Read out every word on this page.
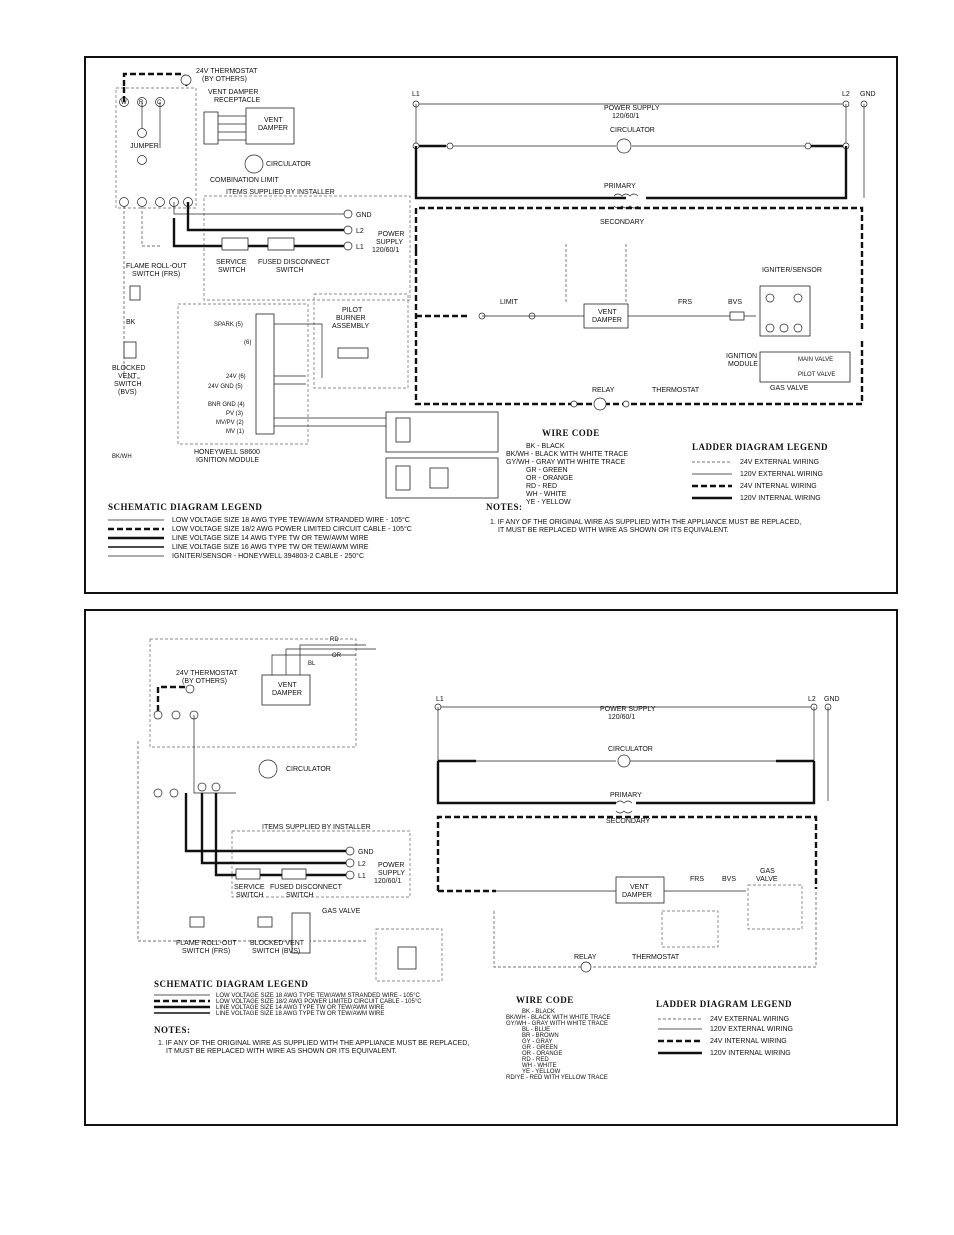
24V THERMOSTAT
(BY OTHERS)
W R C
JUMPER
VENT DAMPER RECEPTACLE
VENT DAMPER
CIRCULATOR
COMBINATION LIMIT
ITEMS SUPPLIED BY INSTALLER
GND
L2
L1
POWER SUPPLY 120/60/1
SERVICE SWITCH
FUSED DISCONNECT SWITCH
FLAME ROLL-OUT SWITCH (FRS)
BK
BLOCKED VENT SWITCH (BVS)
BK/WH
SPARK (5)
(6)
24V (6)
24V GND (5)
BNR GND (4)
PV (3)
MV/PV (2)
MV (1)
HONEYWELL S8600 IGNITION MODULE
PILOT BURNER ASSEMBLY
SCHEMATIC DIAGRAM LEGEND
LOW VOLTAGE SIZE 18 AWG TYPE TEW/AWM STRANDED WIRE - 105°C
LOW VOLTAGE SIZE 18/2 AWG POWER LIMITED CIRCUIT CABLE - 105°C
LINE VOLTAGE SIZE 14 AWG TYPE TW OR TEW/AWM WIRE
LINE VOLTAGE SIZE 16 AWG TYPE TW OR TEW/AWM WIRE
IGNITER/SENSOR - HONEYWELL 394803-2 CABLE - 250°C
L1	L2 GND
POWER SUPPLY 120/60/1
CIRCULATOR
PRIMARY
SECONDARY
LIMIT
VENT DAMPER
FRS	BVS
IGNITER/SENSOR
IGNITION MODULE
MAIN VALVE
PILOT VALVE
GAS VALVE
RELAY	THERMOSTAT
WIRE CODE
BK - BLACK
BK/WH - BLACK WITH WHITE TRACE
GY/WH - GRAY WITH WHITE TRACE
GR - GREEN
OR - ORANGE
RD - RED
WH - WHITE
YE - YELLOW
LADDER DIAGRAM LEGEND
24V EXTERNAL WIRING
120V EXTERNAL WIRING
24V INTERNAL WIRING
120V INTERNAL WIRING
NOTES:
1. IF ANY OF THE ORIGINAL WIRE AS SUPPLIED WITH THE APPLIANCE MUST BE REPLACED, IT MUST BE REPLACED WITH WIRE AS SHOWN OR ITS EQUIVALENT.
24V THERMOSTAT
(BY OTHERS)
VENT DAMPER
RD
OR
BL
CIRCULATOR
ITEMS SUPPLIED BY INSTALLER
GND
L2
L1
POWER SUPPLY 120/60/1
SERVICE SWITCH
FUSED DISCONNECT SWITCH
GAS VALVE
FLAME ROLL-OUT SWITCH (FRS)
BLOCKED VENT SWITCH (BVS)
SCHEMATIC DIAGRAM LEGEND
LOW VOLTAGE SIZE 18 AWG TYPE TEW/AWM STRANDED WIRE - 105°C
LOW VOLTAGE SIZE 18/2 AWG POWER LIMITED CIRCUIT CABLE - 105°C
LINE VOLTAGE SIZE 14 AWG TYPE TW OR TEW/AWM WIRE
LINE VOLTAGE SIZE 18 AWG TYPE TW OR TEW/AWM WIRE
NOTES:
1. IF ANY OF THE ORIGINAL WIRE AS SUPPLIED WITH THE APPLIANCE MUST BE REPLACED, IT MUST BE REPLACED WITH WIRE AS SHOWN OR ITS EQUIVALENT.
L1	L2 GND
POWER SUPPLY 120/60/1
CIRCULATOR
PRIMARY
SECONDARY
VENT DAMPER
FRS	BVS
GAS VALVE
RELAY	THERMOSTAT
WIRE CODE
BK - BLACK
BK/WH - BLACK WITH WHITE TRACE
GY/WH - GRAY WITH WHITE TRACE
BL - BLUE
BR - BROWN
GY - GRAY
GR - GREEN
OR - ORANGE
RD - RED
WH - WHITE
YE - YELLOW
RD/YE - RED WITH YELLOW TRACE
LADDER DIAGRAM LEGEND
24V EXTERNAL WIRING
120V EXTERNAL WIRING
24V INTERNAL WIRING
120V INTERNAL WIRING
